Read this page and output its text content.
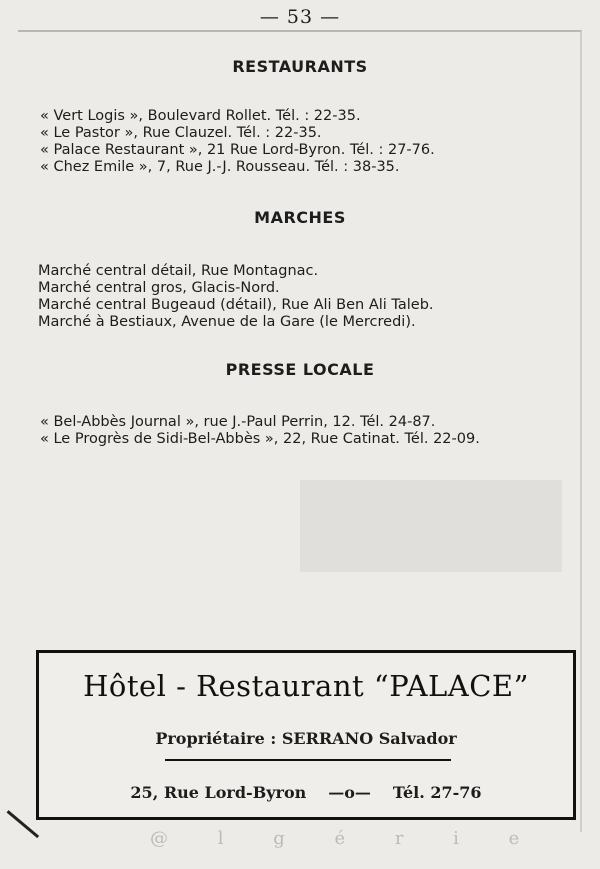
— 53 —
RESTAURANTS
« Vert Logis », Boulevard Rollet. Tél. : 22-35.
« Le Pastor », Rue Clauzel. Tél. : 22-35.
« Palace Restaurant », 21 Rue Lord-Byron. Tél. : 27-76.
« Chez Emile », 7, Rue J.-J. Rousseau. Tél. : 38-35.
MARCHES
Marché central détail, Rue Montagnac.
Marché central gros, Glacis-Nord.
Marché central Bugeaud (détail), Rue Ali Ben Ali Taleb.
Marché à Bestiaux, Avenue de la Gare (le Mercredi).
PRESSE LOCALE
« Bel-Abbès Journal », rue J.-Paul Perrin, 12. Tél. 24-87.
« Le Progrès de Sidi-Bel-Abbès », 22, Rue Catinat. Tél. 22-09.
Hôtel - Restaurant “PALACE”
Propriétaire : SERRANO Salvador
25, Rue Lord-Byron —o— Tél. 27-76
@ l g é r i e
